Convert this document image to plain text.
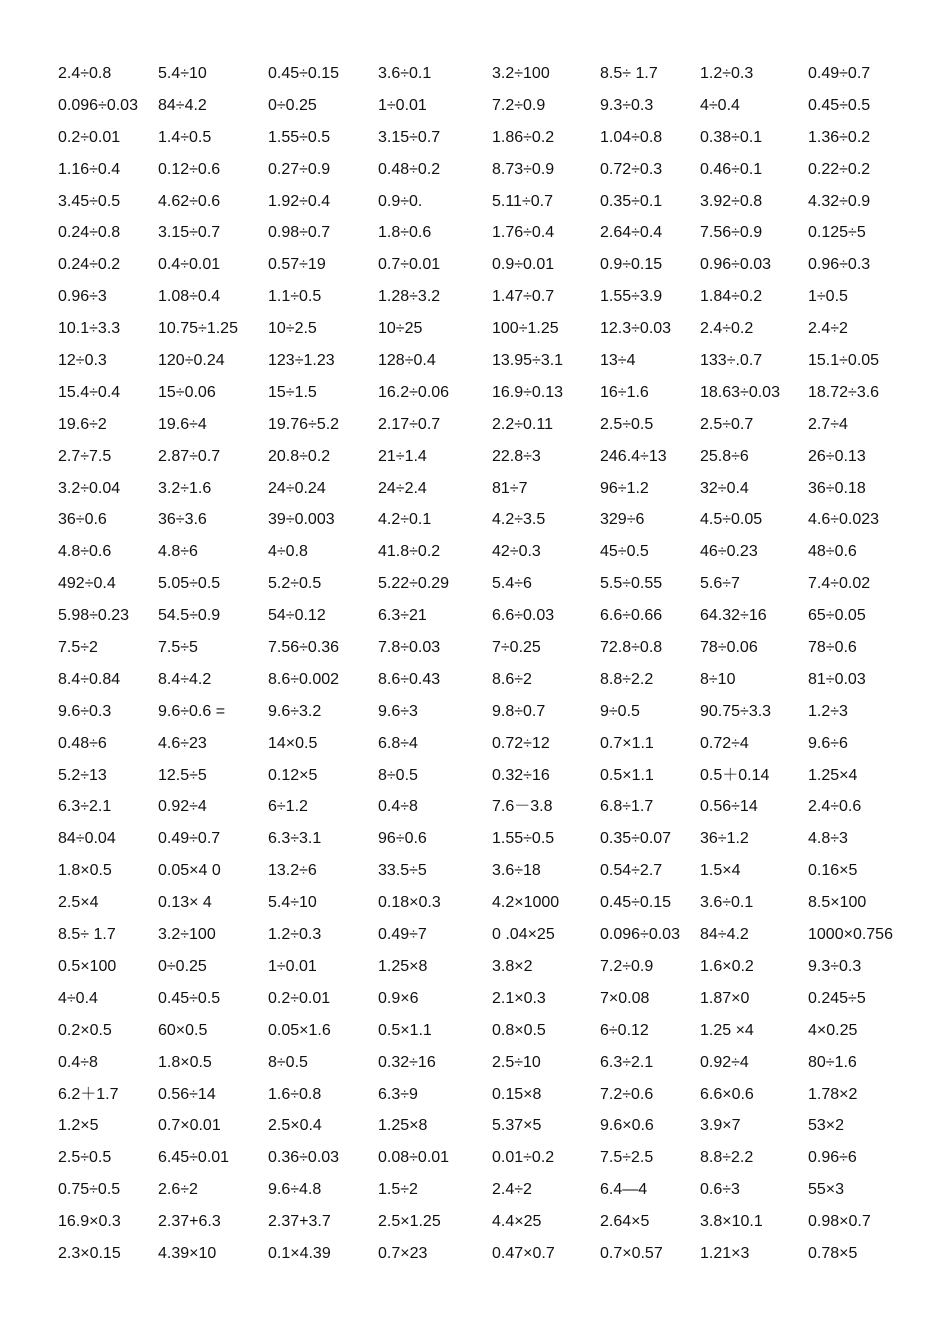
2.4÷0.8	5.4÷10	0.45÷0.15 3.6÷0.1	3.2÷100	8.5÷ 1.7	1.2÷0.3	0.49÷0.7
0.096÷0.03 84÷4.2	0÷0.25	1÷0.01	7.2÷0.9	9.3÷0.3	4÷0.4	0.45÷0.5
0.2÷0.01 1.4÷0.5	1.55÷0.5	3.15÷0.7	1.86÷0.2	1.04÷0.8 0.38÷0.1	1.36÷0.2
1.16÷0.4 0.12÷0.6	0.27÷0.9	0.48÷0.2	8.73÷0.9	0.72÷0.3 0.46÷0.1	0.22÷0.2
3.45÷0.5 4.62÷0.6	1.92÷0.4	0.9÷0.	5.11÷0.7	0.35÷0.1 3.92÷0.8	4.32÷0.9
0.24÷0.8 3.15÷0.7	0.98÷0.7	1.8÷0.6	1.76÷0.4	2.64÷0.4 7.56÷0.9	0.125÷5
0.24÷0.2 0.4÷0.01	0.57÷19	0.7÷0.01	0.9÷0.01	0.9÷0.15 0.96÷0.03 0.96÷0.3
0.96÷3	1.08÷0.4	1.1÷0.5	1.28÷3.2	1.47÷0.7	1.55÷3.9 1.84÷0.2	1÷0.5
10.1÷3.3 10.75÷1.25 10÷2.5	10÷25	100÷1.25	12.3÷0.03 2.4÷0.2	2.4÷2
12÷0.3	120÷0.24	123÷1.23	128÷0.4	13.95÷3.1 13÷4	133÷.0.7	15.1÷0.05
15.4÷0.4 15÷0.06	15÷1.5	16.2÷0.06	16.9÷0.13 16÷1.6	18.63÷0.03 18.72÷3.6
19.6÷2	19.6÷4	19.76÷5.2 2.17÷0.7	2.2÷0.11	2.5÷0.5	2.5÷0.7	2.7÷4
2.7÷7.5	2.87÷0.7	20.8÷0.2	21÷1.4	22.8÷3	246.4÷13 25.8÷6	26÷0.13
3.2÷0.04 3.2÷1.6	24÷0.24	24÷2.4	81÷7	96÷1.2	32÷0.4	36÷0.18
36÷0.6	36÷3.6	39÷0.003	4.2÷0.1	4.2÷3.5	329÷6	4.5÷0.05	4.6÷0.023
4.8÷0.6	4.8÷6	4÷0.8	41.8÷0.2	42÷0.3	45÷0.5	46÷0.23	48÷0.6
492÷0.4	5.05÷0.5	5.2÷0.5	5.22÷0.29	5.4÷6	5.5÷0.55 5.6÷7	7.4÷0.02
5.98÷0.23 54.5÷0.9	54÷0.12	6.3÷21	6.6÷0.03	6.6÷0.66 64.32÷16	65÷0.05
7.5÷2	7.5÷5	7.56÷0.36 7.8÷0.03	7÷0.25	72.8÷0.8 78÷0.06	78÷0.6
8.4÷0.84 8.4÷4.2	8.6÷0.002 8.6÷0.43	8.6÷2	8.8÷2.2	8÷10	81÷0.03
9.6÷0.3	9.6÷0.6 =	9.6÷3.2	9.6÷3	9.8÷0.7	9÷0.5	90.75÷3.3 1.2÷3
0.48÷6	4.6÷23	14×0.5	6.8÷4	0.72÷12	0.7×1.1	0.72÷4	9.6÷6
5.2÷13	12.5÷5	0.12×5	8÷0.5	0.32÷16	0.5×1.1	0.5＋0.14 1.25×4
6.3÷2.1	0.92÷4	6÷1.2	0.4÷8	7.6－3.8	6.8÷1.7	0.56÷14	2.4÷0.6
84÷0.04	0.49÷0.7	6.3÷3.1	96÷0.6	1.55÷0.5	0.35÷0.07 36÷1.2	4.8÷3
1.8×0.5	0.05×4 0	13.2÷6	33.5÷5	3.6÷18	0.54÷2.7 1.5×4	0.16×5
2.5×4	0.13× 4	5.4÷10	0.18×0.3	4.2×1000	0.45÷0.15 3.6÷0.1	8.5×100
8.5÷ 1.7	3.2÷100	1.2÷0.3	0.49÷7	0 .04×25	0.096÷0.03 84÷4.2	1000×0.756
0.5×100	0÷0.25	1÷0.01	1.25×8	3.8×2	7.2÷0.9	1.6×0.2	9.3÷0.3
4÷0.4	0.45÷0.5	0.2÷0.01	0.9×6	2.1×0.3	7×0.08	1.87×0	0.245÷5
0.2×0.5	60×0.5	0.05×1.6	0.5×1.1	0.8×0.5	6÷0.12	1.25 ×4	4×0.25
0.4÷8	1.8×0.5	8÷0.5	0.32÷16	2.5÷10	6.3÷2.1	0.92÷4	80÷1.6
6.2＋1.7 0.56÷14	1.6÷0.8	6.3÷9	0.15×8	7.2÷0.6	6.6×0.6	1.78×2
1.2×5	0.7×0.01	2.5×0.4	1.25×8	5.37×5	9.6×0.6	3.9×7	53×2
2.5÷0.5	6.45÷0.01 0.36÷0.03 0.08÷0.01	0.01÷0.2	7.5÷2.5	8.8÷2.2	0.96÷6
0.75÷0.5 2.6÷2	9.6÷4.8	1.5÷2	2.4÷2	6.4—4	0.6÷3	55×3
16.9×0.3 2.37+6.3	2.37+3.7	2.5×1.25	4.4×25	2.64×5	3.8×10.1	0.98×0.7
2.3×0.15 4.39×10	0.1×4.39	0.7×23	0.47×0.7	0.7×0.57 1.21×3	0.78×5
